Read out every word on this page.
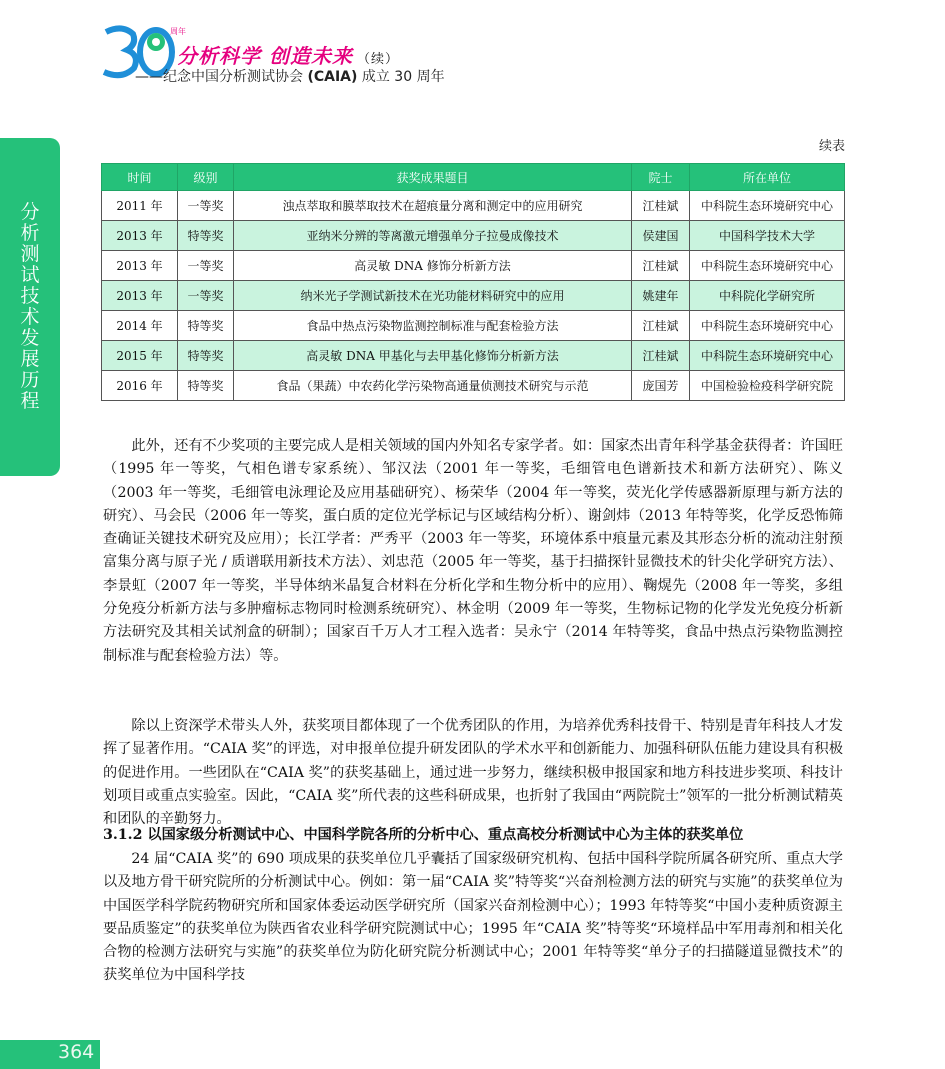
周年
分析科学 创造未来 （续）
——纪念中国分析测试协会 (CAIA) 成立 30 周年
分
析
测
试
技
术
发
展
历
程
续表
时间	级别	获奖成果题目	院士	所在单位
2011 年	一等奖	浊点萃取和膜萃取技术在超痕量分离和测定中的应用研究	江桂斌	中科院生态环境研究中心
2013 年	特等奖	亚纳米分辨的等离激元增强单分子拉曼成像技术	侯建国	中国科学技术大学
2013 年	一等奖	高灵敏 DNA 修饰分析新方法	江桂斌	中科院生态环境研究中心
2013 年	一等奖	纳米光子学测试新技术在光功能材料研究中的应用	姚建年	中科院化学研究所
2014 年	特等奖	食品中热点污染物监测控制标准与配套检验方法	江桂斌	中科院生态环境研究中心
2015 年	特等奖	高灵敏 DNA 甲基化与去甲基化修饰分析新方法	江桂斌	中科院生态环境研究中心
2016 年	特等奖	食品（果蔬）中农药化学污染物高通量侦测技术研究与示范	庞国芳	中国检验检疫科学研究院

此外，还有不少奖项的主要完成人是相关领域的国内外知名专家学者。如：国家杰出青年科学基金获得者：许国旺（1995 年一等奖，气相色谱专家系统）、邹汉法（2001 年一等奖，毛细管电色谱新技术和新方法研究）、陈义（2003 年一等奖，毛细管电泳理论及应用基础研究）、杨荣华（2004 年一等奖，荧光化学传感器新原理与新方法的研究）、马会民（2006 年一等奖，蛋白质的定位光学标记与区域结构分析）、谢剑炜（2013 年特等奖，化学反恐怖筛查确证关键技术研究及应用）；长江学者：严秀平（2003 年一等奖，环境体系中痕量元素及其形态分析的流动注射预富集分离与原子光 / 质谱联用新技术方法）、刘忠范（2005 年一等奖，基于扫描探针显微技术的针尖化学研究方法）、李景虹（2007 年一等奖，半导体纳米晶复合材料在分析化学和生物分析中的应用）、鞠熀先（2008 年一等奖，多组分免疫分析新方法与多肿瘤标志物同时检测系统研究）、林金明（2009 年一等奖，生物标记物的化学发光免疫分析新方法研究及其相关试剂盒的研制）；国家百千万人才工程入选者：吴永宁（2014 年特等奖，食品中热点污染物监测控制标准与配套检验方法）等。

除以上资深学术带头人外，获奖项目都体现了一个优秀团队的作用，为培养优秀科技骨干、特别是青年科技人才发挥了显著作用。“CAIA 奖”的评选，对申报单位提升研发团队的学术水平和创新能力、加强科研队伍能力建设具有积极的促进作用。一些团队在“CAIA 奖”的获奖基础上，通过进一步努力，继续积极申报国家和地方科技进步奖项、科技计划项目或重点实验室。因此，“CAIA 奖”所代表的这些科研成果，也折射了我国由“两院院士”领军的一批分析测试精英和团队的辛勤努力。

3.1.2 以国家级分析测试中心、中国科学院各所的分析中心、重点高校分析测试中心为主体的获奖单位

24 届“CAIA 奖”的 690 项成果的获奖单位几乎囊括了国家级研究机构、包括中国科学院所属各研究所、重点大学以及地方骨干研究院所的分析测试中心。例如：第一届“CAIA 奖”特等奖“兴奋剂检测方法的研究与实施”的获奖单位为中国医学科学院药物研究所和国家体委运动医学研究所（国家兴奋剂检测中心）；1993 年特等奖“中国小麦种质资源主要品质鉴定”的获奖单位为陕西省农业科学研究院测试中心；1995 年“CAIA 奖”特等奖“环境样品中军用毒剂和相关化合物的检测方法研究与实施”的获奖单位为防化研究院分析测试中心；2001 年特等奖“单分子的扫描隧道显微技术”的获奖单位为中国科学技

364
